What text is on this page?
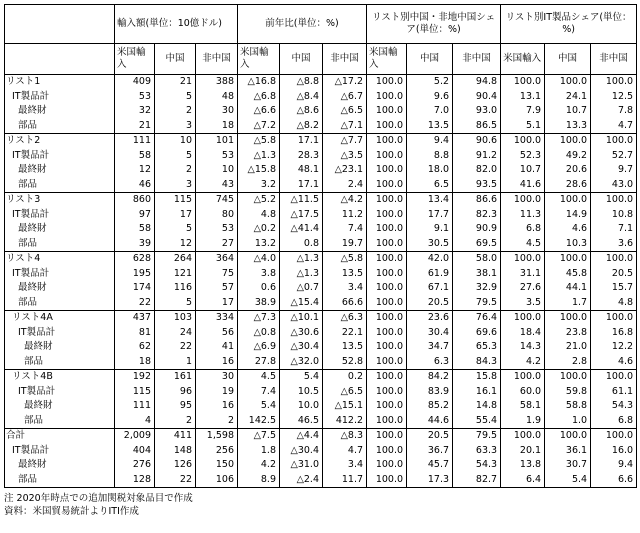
	輸入額(単位：10億ドル)			前年比(単位：%)			リスト別中国・非地中国シェア(単位：%)			リスト別IT製品シェア(単位：%)		
	米国輸入	中国	非中国	米国輸入	中国	非中国	米国輸入	中国	非中国	米国輸入	中国	非中国
リスト1	409	21	388	△16.8	△8.8	△17.2	100.0	5.2	94.8	100.0	100.0	100.0
IT製品計	53	5	48	△6.8	△8.4	△6.7	100.0	9.6	90.4	13.1	24.1	12.5
最終財	32	2	30	△6.6	△8.6	△6.5	100.0	7.0	93.0	7.9	10.7	7.8
部品	21	3	18	△7.2	△8.2	△7.1	100.0	13.5	86.5	5.1	13.3	4.7
リスト2	111	10	101	△5.8	17.1	△7.7	100.0	9.4	90.6	100.0	100.0	100.0
IT製品計	58	5	53	△1.3	28.3	△3.5	100.0	8.8	91.2	52.3	49.2	52.7
最終財	12	2	10	△15.8	48.1	△23.1	100.0	18.0	82.0	10.7	20.6	9.7
部品	46	3	43	3.2	17.1	2.4	100.0	6.5	93.5	41.6	28.6	43.0
リスト3	860	115	745	△5.2	△11.5	△4.2	100.0	13.4	86.6	100.0	100.0	100.0
IT製品計	97	17	80	4.8	△17.5	11.2	100.0	17.7	82.3	11.3	14.9	10.8
最終財	58	5	53	△0.2	△41.4	7.4	100.0	9.1	90.9	6.8	4.6	7.1
部品	39	12	27	13.2	0.8	19.7	100.0	30.5	69.5	4.5	10.3	3.6
リスト4	628	264	364	△4.0	△1.3	△5.8	100.0	42.0	58.0	100.0	100.0	100.0
IT製品計	195	121	75	3.8	△1.3	13.5	100.0	61.9	38.1	31.1	45.8	20.5
最終財	174	116	57	0.6	△0.7	3.4	100.0	67.1	32.9	27.6	44.1	15.7
部品	22	5	17	38.9	△15.4	66.6	100.0	20.5	79.5	3.5	1.7	4.8
リスト4A	437	103	334	△7.3	△10.1	△6.3	100.0	23.6	76.4	100.0	100.0	100.0
IT製品計	81	24	56	△0.8	△30.6	22.1	100.0	30.4	69.6	18.4	23.8	16.8
最終財	62	22	41	△6.9	△30.4	13.5	100.0	34.7	65.3	14.3	21.0	12.2
部品	18	1	16	27.8	△32.0	52.8	100.0	6.3	84.3	4.2	2.8	4.6
リスト4B	192	161	30	4.5	5.4	0.2	100.0	84.2	15.8	100.0	100.0	100.0
IT製品計	115	96	19	7.4	10.5	△6.5	100.0	83.9	16.1	60.0	59.8	61.1
最終財	111	95	16	5.4	10.0	△15.1	100.0	85.2	14.8	58.1	58.8	54.3
部品	4	2	2	142.5	46.5	412.2	100.0	44.6	55.4	1.9	1.0	6.8
合計	2,009	411	1,598	△7.5	△4.4	△8.3	100.0	20.5	79.5	100.0	100.0	100.0
IT製品計	404	148	256	1.8	△30.4	4.7	100.0	36.7	63.3	20.1	36.1	16.0
最終財	276	126	150	4.2	△31.0	3.4	100.0	45.7	54.3	13.8	30.7	9.4
部品	128	22	106	8.9	△2.4	11.7	100.0	17.3	82.7	6.4	5.4	6.6
注 2020年時点での追加関税対象品目で作成
資料：米国貿易統計よりITI作成
